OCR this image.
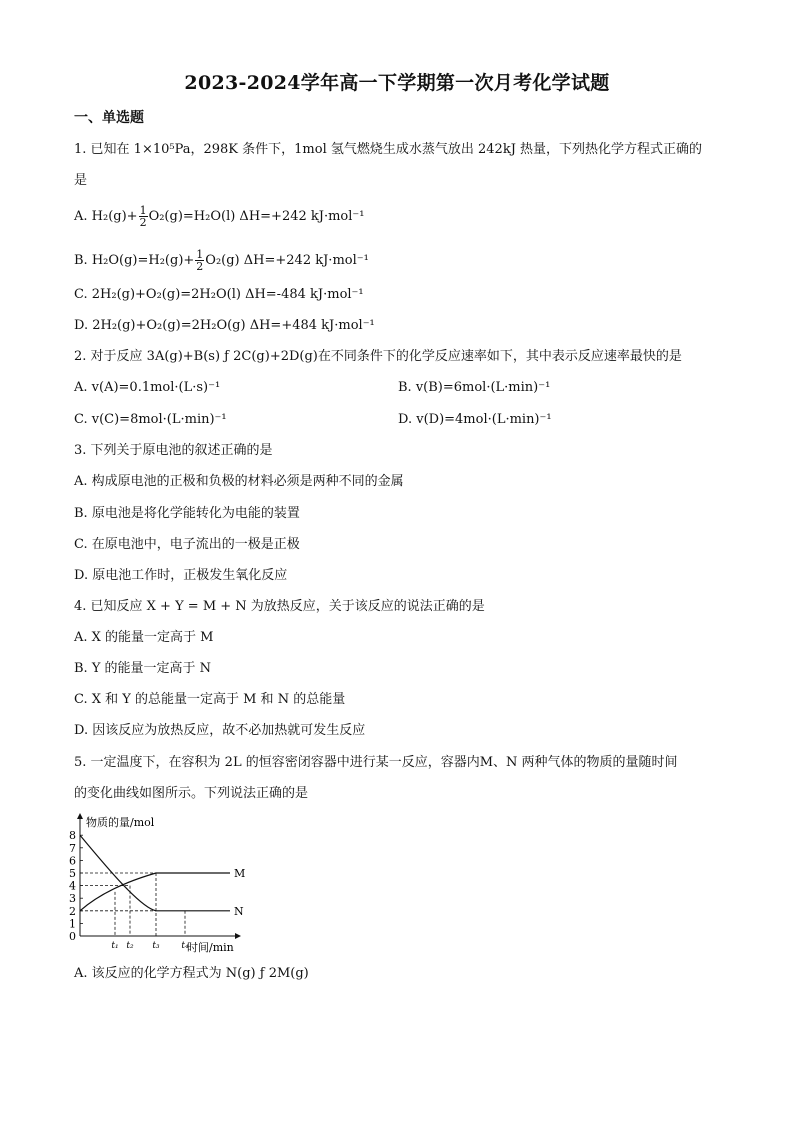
2023-2024学年高一下学期第一次月考化学试题
一、单选题
1. 已知在 1×10⁵Pa，298K 条件下，1mol 氢气燃烧生成水蒸气放出 242kJ 热量，下列热化学方程式正确的
是
A. $H_2(g)+ \frac{1}{2} O_2(g)=H_2O(l)$ ΔH=+242 kJ·mol⁻¹
B. $H_2O(g)=H_2(g)+ \frac{1}{2} O_2(g)$ ΔH=+242 kJ·mol⁻¹
C. 2H₂(g)+O₂(g)=2H₂O(l) ΔH=-484 kJ·mol⁻¹
D. 2H₂(g)+O₂(g)=2H₂O(g) ΔH=+484 kJ·mol⁻¹
2. 对于反应 3A(g)+B(s) ƒ 2C(g)+2D(g)在不同条件下的化学反应速率如下，其中表示反应速率最快的是
A. v(A)=0.1mol·(L·s)⁻¹	B. v(B)=6mol·(L·min)⁻¹
C. v(C)=8mol·(L·min)⁻¹	D. v(D)=4mol·(L·min)⁻¹
3. 下列关于原电池的叙述正确的是
A. 构成原电池的正极和负极的材料必须是两种不同的金属
B. 原电池是将化学能转化为电能的装置
C. 在原电池中，电子流出的一极是正极
D. 原电池工作时，正极发生氧化反应
4. 已知反应 X + Y = M + N 为放热反应，关于该反应的说法正确的是
A. X 的能量一定高于 M
B. Y 的能量一定高于 N
C. X 和 Y 的总能量一定高于 M 和 N 的总能量
D. 因该反应为放热反应，故不必加热就可发生反应
5. 一定温度下，在容积为 2L 的恒容密闭容器中进行某一反应，容器内M、N 两种气体的物质的量随时间
的变化曲线如图所示。下列说法正确的是
物质的量/mol
时间/min
0
1
2
3
4
5
6
7
8
t₁ t₂ t₃ t₄
M
N
A. 该反应的化学方程式为 N(g) ƒ 2M(g)
